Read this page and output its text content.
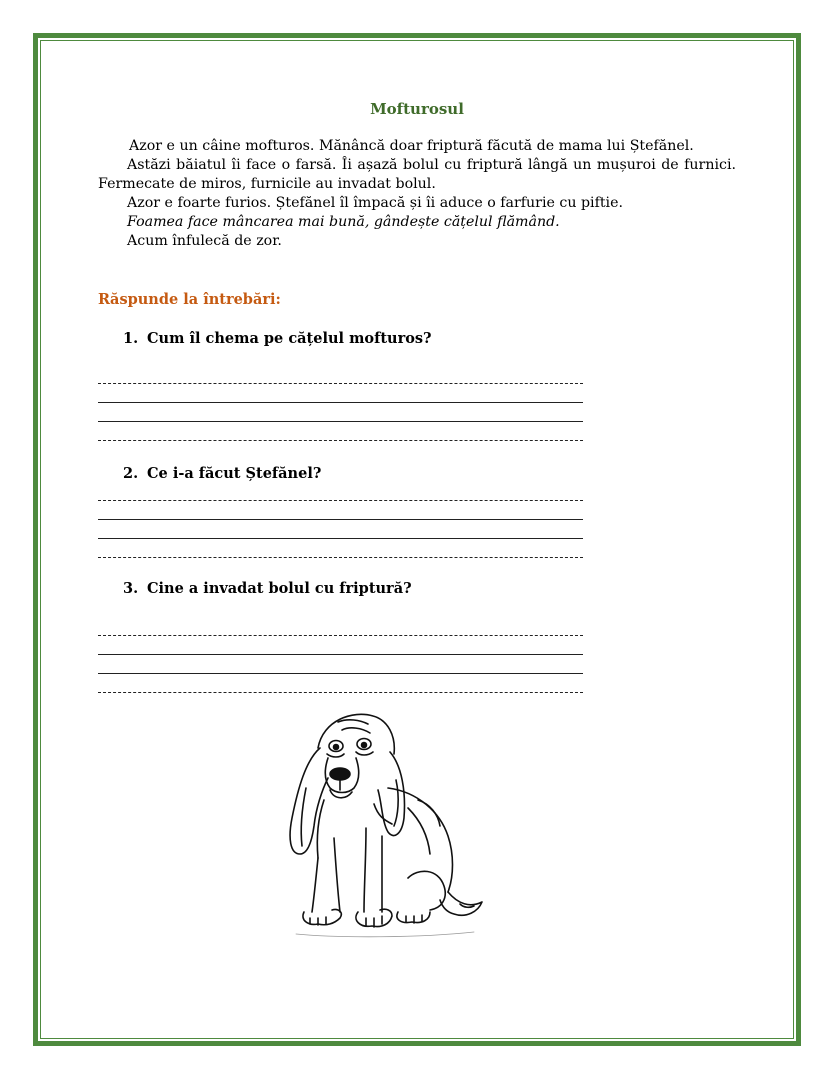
Mofturosul

Azor e un câine mofturos. Mănâncă doar friptură făcută de mama lui Ștefănel.

Astăzi băiatul îi face o farsă. Îi așază bolul cu friptură lângă un mușuroi de furnici. Fermecate de miros, furnicile au invadat bolul.

Azor e foarte furios. Ștefănel îl împacă și îi aduce o farfurie cu piftie.

Foamea face mâncarea mai bună, gândește cățelul flămând.

Acum înfulecă de zor.

Răspunde la întrebări:
1. Cum îl chema pe cățelul mofturos?
2. Ce i-a făcut Ștefănel?
3. Cine a invadat bolul cu friptură?
